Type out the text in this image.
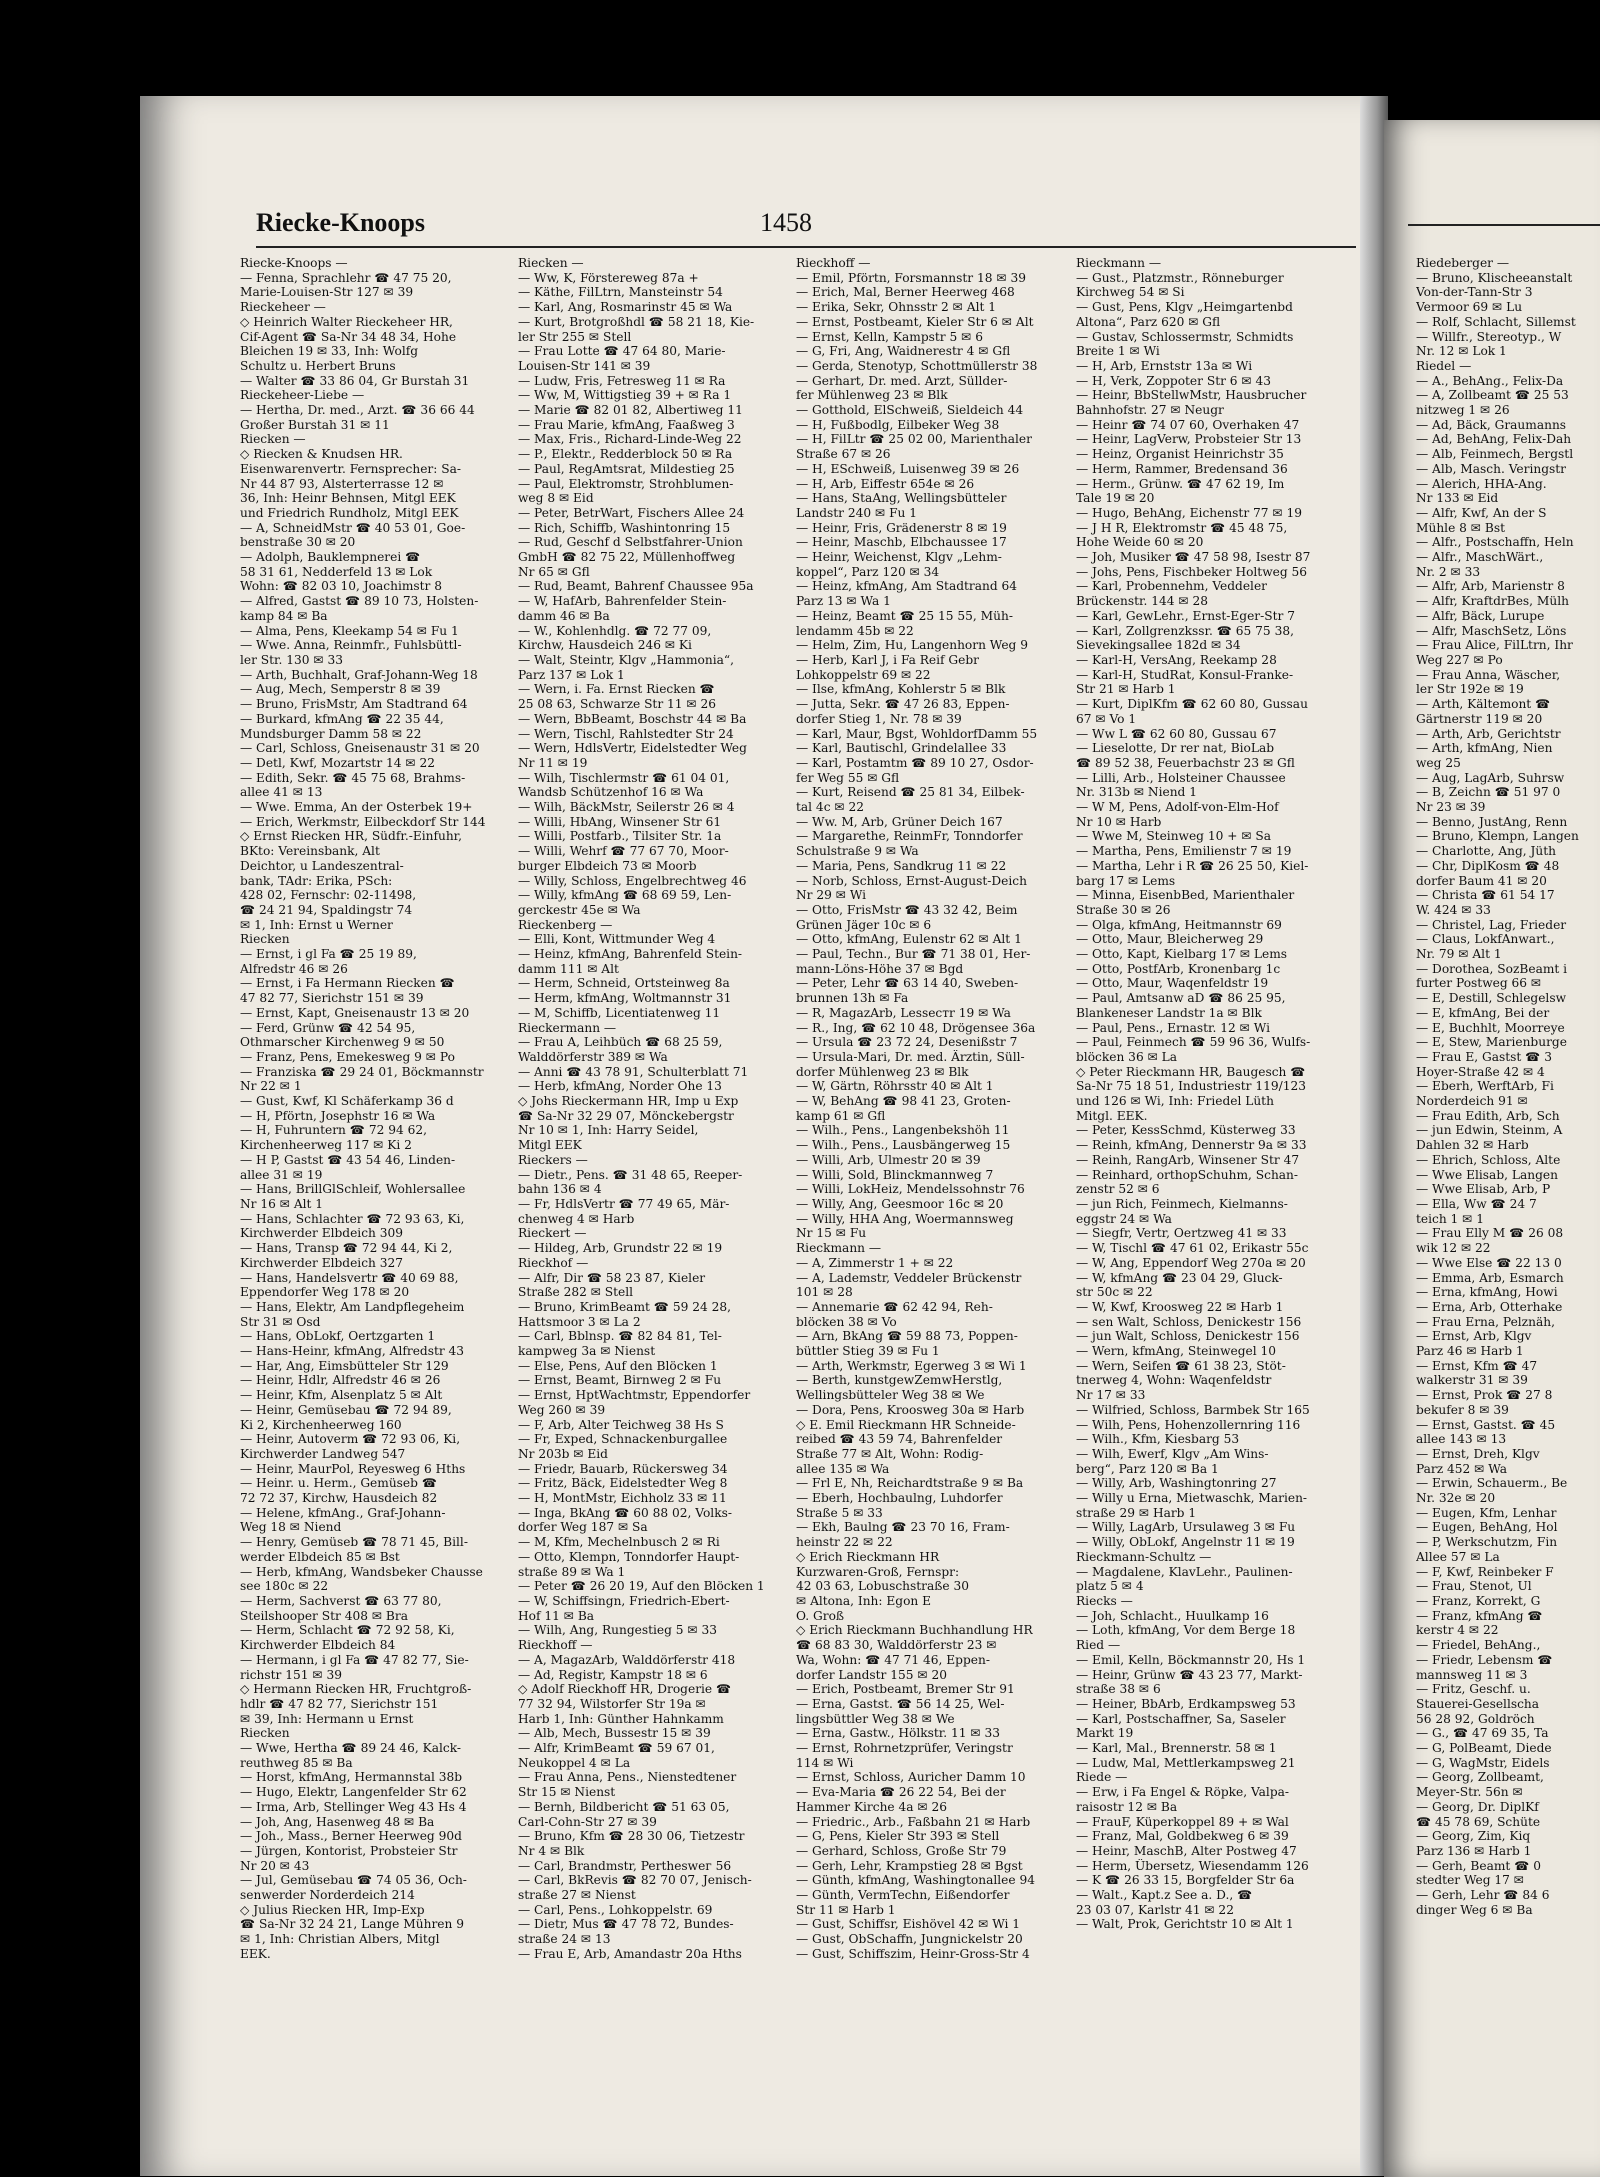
Riecke-Knoops	1458
Riecke-Knoops —
— Fenna, Sprachlehr ☎ 47 75 20,
Marie-Louisen-Str 127 ✉ 39
Rieckeheer —
◇ Heinrich Walter Rieckeheer HR,
Cif-Agent ☎ Sa-Nr 34 48 34, Hohe
Bleichen 19 ✉ 33, Inh: Wolfg
Schultz u. Herbert Bruns
— Walter ☎ 33 86 04, Gr Burstah 31
Rieckeheer-Liebe —
— Hertha, Dr. med., Arzt. ☎ 36 66 44
Großer Burstah 31 ✉ 11
Riecken —
◇ Riecken & Knudsen HR.
Eisenwarenvertr. Fernsprecher: Sa-
Nr 44 87 93, Alsterterrasse 12 ✉
36, Inh: Heinr Behnsen, Mitgl EEK
und Friedrich Rundholz, Mitgl EEK
— A, SchneidMstr ☎ 40 53 01, Goe-
benstraße 30 ✉ 20
— Adolph, Bauklempnerei ☎
58 31 61, Nedderfeld 13 ✉ Lok
Wohn: ☎ 82 03 10, Joachimstr 8
— Alfred, Gastst ☎ 89 10 73, Holsten-
kamp 84 ✉ Ba
— Alma, Pens, Kleekamp 54 ✉ Fu 1
— Wwe. Anna, Reinmfr., Fuhlsbüttl-
ler Str. 130 ✉ 33
— Arth, Buchhalt, Graf-Johann-Weg 18
— Aug, Mech, Semperstr 8 ✉ 39
— Bruno, FrisMstr, Am Stadtrand 64
— Burkard, kfmAng ☎ 22 35 44,
Mundsburger Damm 58 ✉ 22
— Carl, Schloss, Gneisenaustr 31 ✉ 20
— Detl, Kwf, Mozartstr 14 ✉ 22
— Edith, Sekr. ☎ 45 75 68, Brahms-
allee 41 ✉ 13
— Wwe. Emma, An der Osterbek 19+
— Erich, Werkmstr, Eilbeckdorf Str 144
◇ Ernst Riecken HR, Südfr.-Einfuhr,
BKto: Vereinsbank, Alt
Deichtor, u Landeszentral-
bank, TAdr: Erika, PSch:
428 02, Fernschr: 02-11498,
☎ 24 21 94, Spaldingstr 74
✉ 1, Inh: Ernst u Werner
Riecken
— Ernst, i gl Fa ☎ 25 19 89,
Alfredstr 46 ✉ 26
— Ernst, i Fa Hermann Riecken ☎
47 82 77, Sierichstr 151 ✉ 39
— Ernst, Kapt, Gneisenaustr 13 ✉ 20
— Ferd, Grünw ☎ 42 54 95,
Othmarscher Kirchenweg 9 ✉ 50
— Franz, Pens, Emekesweg 9 ✉ Po
— Franziska ☎ 29 24 01, Böckmannstr
Nr 22 ✉ 1
— Gust, Kwf, Kl Schäferkamp 36 d
— H, Pförtn, Josephstr 16 ✉ Wa
— H, Fuhruntern ☎ 72 94 62,
Kirchenheerweg 117 ✉ Ki 2
— H P, Gastst ☎ 43 54 46, Linden-
allee 31 ✉ 19
— Hans, BrillGlSchleif, Wohlersallee
Nr 16 ✉ Alt 1
— Hans, Schlachter ☎ 72 93 63, Ki,
Kirchwerder Elbdeich 309
— Hans, Transp ☎ 72 94 44, Ki 2,
Kirchwerder Elbdeich 327
— Hans, Handelsvertr ☎ 40 69 88,
Eppendorfer Weg 178 ✉ 20
— Hans, Elektr, Am Landpflegeheim
Str 31 ✉ Osd
— Hans, ObLokf, Oertzgarten 1
— Hans-Heinr, kfmAng, Alfredstr 43
— Har, Ang, Eimsbütteler Str 129
— Heinr, Hdlr, Alfredstr 46 ✉ 26
— Heinr, Kfm, Alsenplatz 5 ✉ Alt
— Heinr, Gemüsebau ☎ 72 94 89,
Ki 2, Kirchenheerweg 160
— Heinr, Autoverm ☎ 72 93 06, Ki,
Kirchwerder Landweg 547
— Heinr, MaurPol, Reyesweg 6 Hths
— Heinr. u. Herm., Gemüseb ☎
72 72 37, Kirchw, Hausdeich 82
— Helene, kfmAng., Graf-Johann-
Weg 18 ✉ Niend
— Henry, Gemüseb ☎ 78 71 45, Bill-
werder Elbdeich 85 ✉ Bst
— Herb, kfmAng, Wandsbeker Chausse
see 180c ✉ 22
— Herm, Sachverst ☎ 63 77 80,
Steilshooper Str 408 ✉ Bra
— Herm, Schlacht ☎ 72 92 58, Ki,
Kirchwerder Elbdeich 84
— Hermann, i gl Fa ☎ 47 82 77, Sie-
richstr 151 ✉ 39
◇ Hermann Riecken HR, Fruchtgroß-
hdlr ☎ 47 82 77, Sierichstr 151
✉ 39, Inh: Hermann u Ernst
Riecken
— Wwe, Hertha ☎ 89 24 46, Kalck-
reuthweg 85 ✉ Ba
— Horst, kfmAng, Hermannstal 38b
— Hugo, Elektr, Langenfelder Str 62
— Irma, Arb, Stellinger Weg 43 Hs 4
— Joh, Ang, Hasenweg 48 ✉ Ba
— Joh., Mass., Berner Heerweg 90d
— Jürgen, Kontorist, Probsteier Str
Nr 20 ✉ 43
— Jul, Gemüsebau ☎ 74 05 36, Och-
senwerder Norderdeich 214
◇ Julius Riecken HR, Imp-Exp
☎ Sa-Nr 32 24 21, Lange Mühren 9
✉ 1, Inh: Christian Albers, Mitgl
EEK.
Riecken —
— Ww, K, Förstereweg 87a +
— Käthe, FilLtrn, Mansteinstr 54
— Karl, Ang, Rosmarinstr 45 ✉ Wa
— Kurt, Brotgroßhdl ☎ 58 21 18, Kie-
ler Str 255 ✉ Stell
— Frau Lotte ☎ 47 64 80, Marie-
Louisen-Str 141 ✉ 39
— Ludw, Fris, Fetresweg 11 ✉ Ra
— Ww, M, Wittigstieg 39 + ✉ Ra 1
— Marie ☎ 82 01 82, Albertiweg 11
— Frau Marie, kfmAng, Faaßweg 3
— Max, Fris., Richard-Linde-Weg 22
— P., Elektr., Redderblock 50 ✉ Ra
— Paul, RegAmtsrat, Mildestieg 25
— Paul, Elektromstr, Strohblumen-
weg 8 ✉ Eid
— Peter, BetrWart, Fischers Allee 24
— Rich, Schiffb, Washintonring 15
— Rud, Geschf d Selbstfahrer-Union
GmbH ☎ 82 75 22, Müllenhoffweg
Nr 65 ✉ Gfl
— Rud, Beamt, Bahrenf Chaussee 95a
— W, HafArb, Bahrenfelder Stein-
damm 46 ✉ Ba
— W., Kohlenhdlg. ☎ 72 77 09,
Kirchw, Hausdeich 246 ✉ Ki
— Walt, Steintr, Klgv „Hammonia“,
Parz 137 ✉ Lok 1
— Wern, i. Fa. Ernst Riecken ☎
25 08 63, Schwarze Str 11 ✉ 26
— Wern, BbBeamt, Boschstr 44 ✉ Ba
— Wern, Tischl, Rahlstedter Str 24
— Wern, HdlsVertr, Eidelstedter Weg
Nr 11 ✉ 19
— Wilh, Tischlermstr ☎ 61 04 01,
Wandsb Schützenhof 16 ✉ Wa
— Wilh, BäckMstr, Seilerstr 26 ✉ 4
— Willi, HbAng, Winsener Str 61
— Willi, Postfarb., Tilsiter Str. 1a
— Willi, Wehrf ☎ 77 67 70, Moor-
burger Elbdeich 73 ✉ Moorb
— Willy, Schloss, Engelbrechtweg 46
— Willy, kfmAng ☎ 68 69 59, Len-
gerckestr 45e ✉ Wa
Rieckenberg —
— Elli, Kont, Wittmunder Weg 4
— Heinz, kfmAng, Bahrenfeld Stein-
damm 111 ✉ Alt
— Herm, Schneid, Ortsteinweg 8a
— Herm, kfmAng, Woltmannstr 31
— M, Schiffb, Licentiatenweg 11
Rieckermann —
— Frau A, Leihbüch ☎ 68 25 59,
Walddörferstr 389 ✉ Wa
— Anni ☎ 43 78 91, Schulterblatt 71
— Herb, kfmAng, Norder Ohe 13
◇ Johs Rieckermann HR, Imp u Exp
☎ Sa-Nr 32 29 07, Mönckebergstr
Nr 10 ✉ 1, Inh: Harry Seidel,
Mitgl EEK
Rieckers —
— Dietr., Pens. ☎ 31 48 65, Reeper-
bahn 136 ✉ 4
— Fr, HdlsVertr ☎ 77 49 65, Mär-
chenweg 4 ✉ Harb
Rieckert —
— Hildeg, Arb, Grundstr 22 ✉ 19
Rieckhof —
— Alfr, Dir ☎ 58 23 87, Kieler
Straße 282 ✉ Stell
— Bruno, KrimBeamt ☎ 59 24 28,
Hattsmoor 3 ✉ La 2
— Carl, Bblnsp. ☎ 82 84 81, Tel-
kampweg 3a ✉ Nienst
— Else, Pens, Auf den Blöcken 1
— Ernst, Beamt, Birnweg 2 ✉ Fu
— Ernst, HptWachtmstr, Eppendorfer
Weg 260 ✉ 39
— F, Arb, Alter Teichweg 38 Hs S
— Fr, Exped, Schnackenburgallee
Nr 203b ✉ Eid
— Friedr, Bauarb, Rückersweg 34
— Fritz, Bäck, Eidelstedter Weg 8
— H, MontMstr, Eichholz 33 ✉ 11
— Inga, BkAng ☎ 60 88 02, Volks-
dorfer Weg 187 ✉ Sa
— M, Kfm, Mechelnbusch 2 ✉ Ri
— Otto, Klempn, Tonndorfer Haupt-
straße 89 ✉ Wa 1
— Peter ☎ 26 20 19, Auf den Blöcken 1
— W, Schiffsingn, Friedrich-Ebert-
Hof 11 ✉ Ba
— Wilh, Ang, Rungestieg 5 ✉ 33
Rieckhoff —
— A, MagazArb, Walddörferstr 418
— Ad, Registr, Kampstr 18 ✉ 6
◇ Adolf Rieckhoff HR, Drogerie ☎
77 32 94, Wilstorfer Str 19a ✉
Harb 1, Inh: Günther Hahnkamm
— Alb, Mech, Bussestr 15 ✉ 39
— Alfr, KrimBeamt ☎ 59 67 01,
Neukoppel 4 ✉ La
— Frau Anna, Pens., Nienstedtener
Str 15 ✉ Nienst
— Bernh, Bildbericht ☎ 51 63 05,
Carl-Cohn-Str 27 ✉ 39
— Bruno, Kfm ☎ 28 30 06, Tietzestr
Nr 4 ✉ Blk
— Carl, Brandmstr, Pertheswег 56
— Carl, BkRevis ☎ 82 70 07, Jenisch-
straße 27 ✉ Nienst
— Carl, Pens., Lohkoppelstr. 69
— Dietr, Mus ☎ 47 78 72, Bundes-
straße 24 ✉ 13
— Frau E, Arb, Amandastr 20a Hths
Rieckhoff —
— Emil, Pförtn, Forsmannstr 18 ✉ 39
— Erich, Mal, Berner Heerweg 468
— Erika, Sekr, Ohnsstr 2 ✉ Alt 1
— Ernst, Postbeamt, Kieler Str 6 ✉ Alt
— Ernst, Kelln, Kampstr 5 ✉ 6
— G, Fri, Ang, Waidnerestr 4 ✉ Gfl
— Gerda, Stenotyp, Schottmüllerstr 38
— Gerhart, Dr. med. Arzt, Süllder-
fer Mühlenweg 23 ✉ Blk
— Gotthold, ElSchweiß, Sieldeich 44
— H, Fußbodlg, Eilbeker Weg 38
— H, FilLtr ☎ 25 02 00, Marienthaler
Straße 67 ✉ 26
— H, ESchweiß, Luisenweg 39 ✉ 26
— H, Arb, Eiffestr 654e ✉ 26
— Hans, StaAng, Wellingsbütteler
Landstr 240 ✉ Fu 1
— Heinr, Fris, Grädenerstr 8 ✉ 19
— Heinr, Maschb, Elbchaussee 17
— Heinr, Weichenst, Klgv „Lehm-
koppel“, Parz 120 ✉ 34
— Heinz, kfmAng, Am Stadtrand 64
Parz 13 ✉ Wa 1
— Heinz, Beamt ☎ 25 15 55, Müh-
lendamm 45b ✉ 22
— Helm, Zim, Hu, Langenhorn Weg 9
— Herb, Karl J, i Fa Reif Gebr
Lohkoppelstr 69 ✉ 22
— Ilse, kfmAng, Kohlerstr 5 ✉ Blk
— Jutta, Sekr. ☎ 47 26 83, Eppen-
dorfer Stieg 1, Nr. 78 ✉ 39
— Karl, Maur, Bgst, WohldorfDamm 55
— Karl, Bautischl, Grindelallee 33
— Karl, Postamtm ☎ 89 10 27, Osdor-
fer Weg 55 ✉ Gfl
— Kurt, Reisend ☎ 25 81 34, Eilbek-
tal 4c ✉ 22
— Ww. M, Arb, Grüner Deich 167
— Margarethe, ReinmFr, Tonndorfer
Schulstraße 9 ✉ Wa
— Maria, Pens, Sandkrug 11 ✉ 22
— Norb, Schloss, Ernst-August-Deich
Nr 29 ✉ Wi
— Otto, FrisMstr ☎ 43 32 42, Beim
Grünen Jäger 10c ✉ 6
— Otto, kfmAng, Eulenstr 62 ✉ Alt 1
— Paul, Techn., Bur ☎ 71 38 01, Her-
mann-Löns-Höhe 37 ✉ Bgd
— Peter, Lehr ☎ 63 14 40, Sweben-
brunnen 13h ✉ Fa
— R, MagazArb, Lessестr 19 ✉ Wa
— R., Ing, ☎ 62 10 48, Drögensee 36a
— Ursula ☎ 23 72 24, Desenißstr 7
— Ursula-Mari, Dr. med. Ärztin, Süll-
dorfer Mühlenweg 23 ✉ Blk
— W, Gärtn, Röhrsstr 40 ✉ Alt 1
— W, BehAng ☎ 98 41 23, Groten-
kamp 61 ✉ Gfl
— Wilh., Pens., Langenbekshöh 11
— Wilh., Pens., Lausbängerweg 15
— Willi, Arb, Ulmestr 20 ✉ 39
— Willi, Sold, Blinckmannweg 7
— Willi, LokHeiz, Mendelssohnstr 76
— Willy, Ang, Geesmoor 16c ✉ 20
— Willy, HHA Ang, Woermannsweg
Nr 15 ✉ Fu
Rieckmann —
— A, Zimmerstr 1 + ✉ 22
— A, Lademstr, Veddeler Brückenstr
101 ✉ 28
— Annemarie ☎ 62 42 94, Reh-
blöcken 38 ✉ Vo
— Arn, BkAng ☎ 59 88 73, Poppen-
büttler Stieg 39 ✉ Fu 1
— Arth, Werkmstr, Egerweg 3 ✉ Wi 1
— Berth, kunstgewZemwHerstlg,
Wellingsbütteler Weg 38 ✉ We
— Dora, Pens, Krooswеg 30a ✉ Harb
◇ E. Emil Rieckmann HR Schneide-
reibed ☎ 43 59 74, Bahrenfelder
Straße 77 ✉ Alt, Wohn: Rodig-
allee 135 ✉ Wa
— Frl E, Nh, Reichardtstraße 9 ✉ Ba
— Eberh, Hochbaulng, Luhdorfer
Straße 5 ✉ 33
— Ekh, Baulng ☎ 23 70 16, Fram-
heinstr 22 ✉ 22
◇ Erich Rieckmann HR
Kurzwaren-Groß, Fernspr:
42 03 63, Lobuschstraße 30
✉ Altona, Inh: Egon E
O. Groß
◇ Erich Rieckmann Buchhandlung HR
☎ 68 83 30, Walddörferstr 23 ✉
Wa, Wohn: ☎ 47 71 46, Eppen-
dorfer Landstr 155 ✉ 20
— Erich, Postbeamt, Bremer Str 91
— Erna, Gastst. ☎ 56 14 25, Wel-
lingsbüttler Weg 38 ✉ We
— Erna, Gastw., Hölkstr. 11 ✉ 33
— Ernst, Rohrnetzprüfer, Veringstr
114 ✉ Wi
— Ernst, Schloss, Auricher Damm 10
— Eva-Maria ☎ 26 22 54, Bei der
Hammer Kirche 4a ✉ 26
— Friedric., Arb., Faßbahn 21 ✉ Harb
— G, Pens, Kieler Str 393 ✉ Stell
— Gerhard, Schloss, Große Str 79
— Gerh, Lehr, Krampstieg 28 ✉ Bgst
— Günth, kfmAng, Washingtonallee 94
— Günth, VermTechn, Eißendorfer
Str 11 ✉ Harb 1
— Gust, Schiffsr, Eishövel 42 ✉ Wi 1
— Gust, ObSchaffn, Jungnickelstr 20
— Gust, Schiffszim, Heinr-Gross-Str 4
Rieckmann —
— Gust., Platzmstr., Rönneburger
Kirchweg 54 ✉ Si
— Gust, Pens, Klgv „Heimgartenbd
Altona“, Parz 620 ✉ Gfl
— Gustav, Schlossermstr, Schmidts
Breite 1 ✉ Wi
— H, Arb, Ernststr 13a ✉ Wi
— H, Verk, Zoppoter Str 6 ✉ 43
— Heinr, BbStellwMstr, Hausbrucher
Bahnhofstr. 27 ✉ Neugr
— Heinr ☎ 74 07 60, Overhaken 47
— Heinr, LagVerw, Probsteier Str 13
— Heinz, Organist Heinrichstr 35
— Herm, Rammer, Bredensand 36
— Herm., Grünw. ☎ 47 62 19, Im
Tale 19 ✉ 20
— Hugo, BehAng, Eichenstr 77 ✉ 19
— J H R, Elektromstr ☎ 45 48 75,
Hohe Weide 60 ✉ 20
— Joh, Musiker ☎ 47 58 98, Isestr 87
— Johs, Pens, Fischbeker Holtweg 56
— Karl, Probennehm, Veddeler
Brückenstr. 144 ✉ 28
— Karl, GewLehr., Ernst-Eger-Str 7
— Karl, Zollgrenzkssr. ☎ 65 75 38,
Sievekingsallee 182d ✉ 34
— Karl-H, VersAng, Reekamp 28
— Karl-H, StudRat, Konsul-Franke-
Str 21 ✉ Harb 1
— Kurt, DiplKfm ☎ 62 60 80, Gussau
67 ✉ Vo 1
— Ww L ☎ 62 60 80, Gussau 67
— Lieselotte, Dr rer nat, BioLab
☎ 89 52 38, Feuerbachstr 23 ✉ Gfl
— Lilli, Arb., Holsteiner Chaussee
Nr. 313b ✉ Niend 1
— W M, Pens, Adolf-von-Elm-Hof
Nr 10 ✉ Harb
— Wwe M, Steinweg 10 + ✉ Sa
— Martha, Pens, Emilienstr 7 ✉ 19
— Martha, Lehr i R ☎ 26 25 50, Kiel-
barg 17 ✉ Lems
— Minna, EisenbBed, Marienthaler
Straße 30 ✉ 26
— Olga, kfmAng, Heitmannstr 69
— Otto, Maur, Bleicherweg 29
— Otto, Kapt, Kielbarg 17 ✉ Lems
— Otto, PostfArb, Kronenbarg 1c
— Otto, Maur, Waqenfeldstr 19
— Paul, Amtsanw aD ☎ 86 25 95,
Blankeneser Landstr 1a ✉ Blk
— Paul, Pens., Ernastr. 12 ✉ Wi
— Paul, Feinmech ☎ 59 96 36, Wulfs-
blöcken 36 ✉ La
◇ Peter Rieckmann HR, Baugesch ☎
Sa-Nr 75 18 51, Industriestr 119/123
und 126 ✉ Wi, Inh: Friedel Lüth
Mitgl. EEK.
— Peter, KessSchmd, Küsterweg 33
— Reinh, kfmAng, Dennerstr 9a ✉ 33
— Reinh, RangArb, Winsener Str 47
— Reinhard, orthopSchuhm, Schan-
zenstr 52 ✉ 6
— jun Rich, Feinmech, Kielmanns-
eggstr 24 ✉ Wa
— Siegfr, Vertr, Oertzweg 41 ✉ 33
— W, Tischl ☎ 47 61 02, Erikastr 55c
— W, Ang, Eppendorf Weg 270a ✉ 20
— W, kfmAng ☎ 23 04 29, Gluck-
str 50c ✉ 22
— W, Kwf, Krooswеg 22 ✉ Harb 1
— sen Walt, Schloss, Denickestr 156
— jun Walt, Schloss, Denickestr 156
— Wern, kfmAng, Steinwegel 10
— Wern, Seifen ☎ 61 38 23, Stöt-
tnerweg 4, Wohn: Waqenfeldstr
Nr 17 ✉ 33
— Wilfried, Schloss, Barmbek Str 165
— Wilh, Pens, Hohenzollernring 116
— Wilh., Kfm, Kiesbarg 53
— Wilh, Ewerf, Klgv „Am Wins-
berg“, Parz 120 ✉ Ba 1
— Willy, Arb, Washingtonring 27
— Willy u Erna, Mietwaschk, Marien-
straße 29 ✉ Harb 1
— Willy, LagArb, Ursulaweg 3 ✉ Fu
— Willy, ObLokf, Angelnstr 11 ✉ 19
Rieckmann-Schultz —
— Magdalene, KlavLehr., Paulinen-
platz 5 ✉ 4
Riecks —
— Joh, Schlacht., Huulkamp 16
— Loth, kfmAng, Vor dem Berge 18
Ried —
— Emil, Kelln, Böckmannstr 20, Hs 1
— Heinr, Grünw ☎ 43 23 77, Markt-
straße 38 ✉ 6
— Heiner, BbArb, Erdkampsweg 53
— Karl, Postschaffner, Sa, Saseler
Markt 19
— Karl, Mal., Brennerstr. 58 ✉ 1
— Ludw, Mal, Mettlerkampsweg 21
Riede —
— Erw, i Fa Engel & Röpke, Valpa-
raisostr 12 ✉ Ba
— FrauF, Küperkoppel 89 + ✉ Wal
— Franz, Mal, Goldbekweg 6 ✉ 39
— Heinr, MaschB, Alter Postweg 47
— Herm, Übersetz, Wiesendamm 126
— K ☎ 26 33 15, Borgfelder Str 6a
— Walt., Kapt.z See a. D., ☎
23 03 07, Karlstr 41 ✉ 22
— Walt, Prok, Gerichtstr 10 ✉ Alt 1
Riedeberger —
— Bruno, Klischeeanstalt
Von-der-Tann-Str 3
Vermoor 69 ✉ Lu
— Rolf, Schlacht, Sillemst
— Willfr., Stereotyp., W
Nr. 12 ✉ Lok 1
Riedel —
— A., BehAng., Felix-Da
— A, Zollbeamt ☎ 25 53
nitzweg 1 ✉ 26
— Ad, Bäck, Graumanns
— Ad, BehAng, Felix-Dah
— Alb, Feinmech, Bergstl
— Alb, Masch. Veringstr
— Alerich, HHA-Ang.
Nr 133 ✉ Eid
— Alfr, Kwf, An der S
Mühle 8 ✉ Bst
— Alfr., Postschaffn, Heln
— Alfr., MaschWärt.,
Nr. 2 ✉ 33
— Alfr, Arb, Marienstr 8
— Alfr, KraftdrBes, Mülh
— Alfr, Bäck, Lurupe
— Alfr, MaschSetz, Löns
— Frau Alice, FilLtrn, Ihr
Weg 227 ✉ Po
— Frau Anna, Wäscher,
ler Str 192e ✉ 19
— Arth, Kältemont ☎
Gärtnerstr 119 ✉ 20
— Arth, Arb, Gerichtstr
— Arth, kfmAng, Nien
weg 25
— Aug, LagArb, Suhrsw
— B, Zeichn ☎ 51 97 0
Nr 23 ✉ 39
— Benno, JustAng, Renn
— Bruno, Klempn, Langen
— Charlotte, Ang, Jüth
— Chr, DiplKosm ☎ 48
dorfer Baum 41 ✉ 20
— Christa ☎ 61 54 17
W. 424 ✉ 33
— Christel, Lag, Frieder
— Claus, LokfAnwart.,
Nr. 79 ✉ Alt 1
— Dorothea, SozBeamt i
furter Postweg 66 ✉
— E, Destill, Schlegelsw
— E, kfmAng, Bei der
— E, Buchhlt, Moorreye
— E, Stew, Marienburge
— Frau E, Gastst ☎ 3
Hoyer-Straße 42 ✉ 4
— Eberh, WerftArb, Fi
Norderdeich 91 ✉
— Frau Edith, Arb, Sch
— jun Edwin, Steinm, A
Dahlen 32 ✉ Harb
— Ehrich, Schloss, Alte
— Wwe Elisab, Langen
— Wwe Elisab, Arb, P
— Ella, Ww ☎ 24 7
teich 1 ✉ 1
— Frau Elly M ☎ 26 08
wik 12 ✉ 22
— Wwe Else ☎ 22 13 0
— Emma, Arb, Esmarch
— Erna, kfmAng, Howi
— Erna, Arb, Otterhake
— Frau Erna, Pelznäh,
— Ernst, Arb, Klgv
Parz 46 ✉ Harb 1
— Ernst, Kfm ☎ 47
walkerstr 31 ✉ 39
— Ernst, Prok ☎ 27 8
bekufer 8 ✉ 39
— Ernst, Gastst. ☎ 45
allee 143 ✉ 13
— Ernst, Dreh, Klgv
Parz 452 ✉ Wa
— Erwin, Schauerm., Be
Nr. 32e ✉ 20
— Eugen, Kfm, Lenhar
— Eugen, BehAng, Hol
— P, Werkschutzm, Fin
Allee 57 ✉ La
— F, Kwf, Reinbeker F
— Frau, Stenot, Ul
— Franz, Korrekt, G
— Franz, kfmAng ☎
kerstr 4 ✉ 22
— Friedel, BehAng.,
— Friedr, Lebensm ☎
mannsweg 11 ✉ 3
— Fritz, Geschf. u.
Stauerei-Gesellscha
56 28 92, Goldröch
— G., ☎ 47 69 35, Ta
— G, PolBeamt, Diede
— G, WagMstr, Eidels
— Georg, Zollbeamt,
Meyer-Str. 56n ✉
— Georg, Dr. DiplKf
☎ 45 78 69, Schüte
— Georg, Zim, Kiq
Parz 136 ✉ Harb 1
— Gerh, Beamt ☎ 0
stedter Weg 17 ✉
— Gerh, Lehr ☎ 84 6
dinger Weg 6 ✉ Ba
